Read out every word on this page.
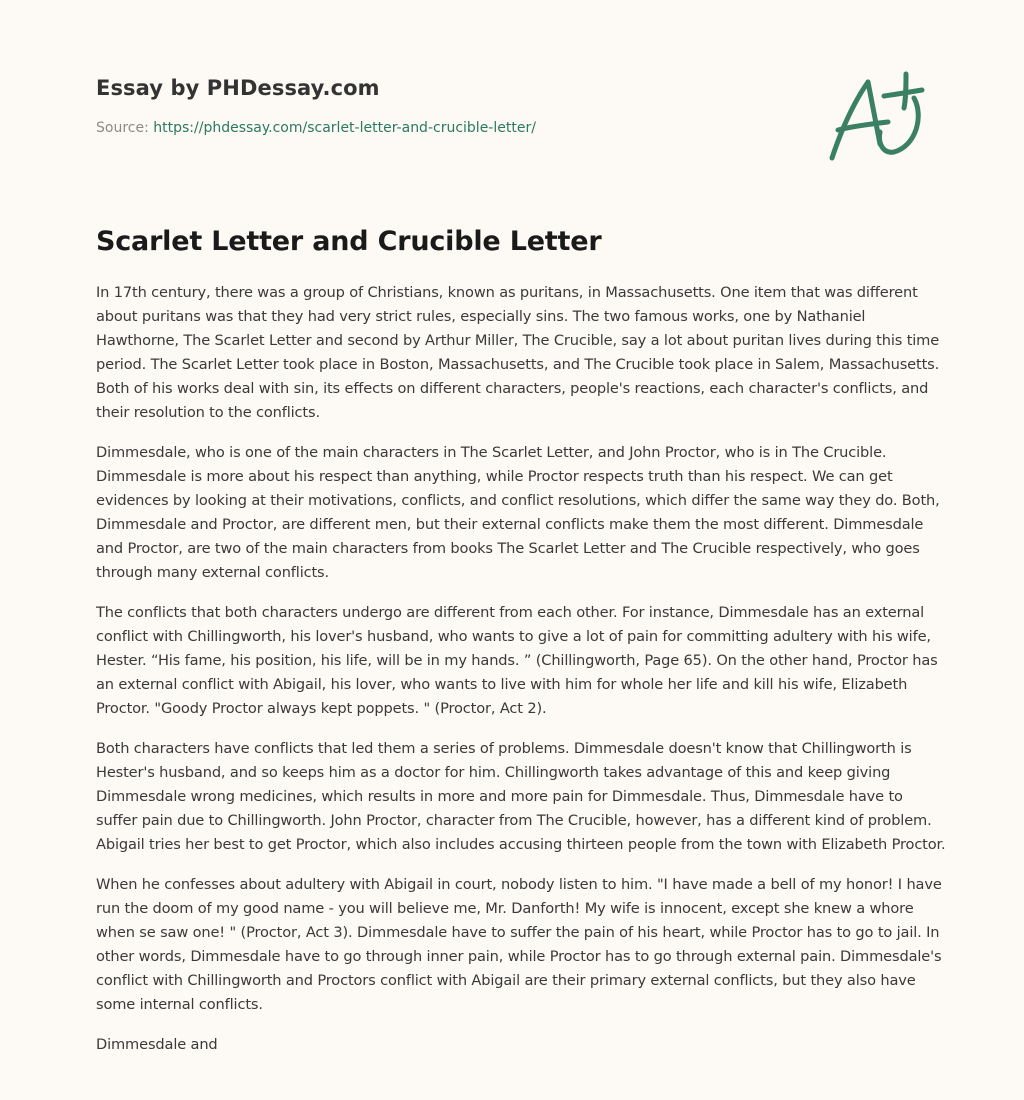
Essay by PHDessay.com
Source: https://phdessay.com/scarlet-letter-and-crucible-letter/
Scarlet Letter and Crucible Letter

In 17th century, there was a group of Christians, known as puritans, in Massachusetts. One item that was different about puritans was that they had very strict rules, especially sins. The two famous works, one by Nathaniel Hawthorne, The Scarlet Letter and second by Arthur Miller, The Crucible, say a lot about puritan lives during this time period. The Scarlet Letter took place in Boston, Massachusetts, and The Crucible took place in Salem, Massachusetts. Both of his works deal with sin, its effects on different characters, people's reactions, each character's conflicts, and their resolution to the conflicts.

Dimmesdale, who is one of the main characters in The Scarlet Letter, and John Proctor, who is in The Crucible. Dimmesdale is more about his respect than anything, while Proctor respects truth than his respect. We can get evidences by looking at their motivations, conflicts, and conflict resolutions, which differ the same way they do. Both, Dimmesdale and Proctor, are different men, but their external conflicts make them the most different. Dimmesdale and Proctor, are two of the main characters from books The Scarlet Letter and The Crucible respectively, who goes through many external conflicts.

The conflicts that both characters undergo are different from each other. For instance, Dimmesdale has an external conflict with Chillingworth, his lover's husband, who wants to give a lot of pain for committing adultery with his wife, Hester. “His fame, his position, his life, will be in my hands. ” (Chillingworth, Page 65). On the other hand, Proctor has an external conflict with Abigail, his lover, who wants to live with him for whole her life and kill his wife, Elizabeth Proctor. "Goody Proctor always kept poppets. " (Proctor, Act 2).

Both characters have conflicts that led them a series of problems. Dimmesdale doesn't know that Chillingworth is Hester's husband, and so keeps him as a doctor for him. Chillingworth takes advantage of this and keep giving Dimmesdale wrong medicines, which results in more and more pain for Dimmesdale. Thus, Dimmesdale have to suffer pain due to Chillingworth. John Proctor, character from The Crucible, however, has a different kind of problem. Abigail tries her best to get Proctor, which also includes accusing thirteen people from the town with Elizabeth Proctor.

When he confesses about adultery with Abigail in court, nobody listen to him. "I have made a bell of my honor! I have run the doom of my good name - you will believe me, Mr. Danforth! My wife is innocent, except she knew a whore when se saw one! " (Proctor, Act 3). Dimmesdale have to suffer the pain of his heart, while Proctor has to go to jail. In other words, Dimmesdale have to go through inner pain, while Proctor has to go through external pain. Dimmesdale's conflict with Chillingworth and Proctors conflict with Abigail are their primary external conflicts, but they also have some internal conflicts.

Dimmesdale and
